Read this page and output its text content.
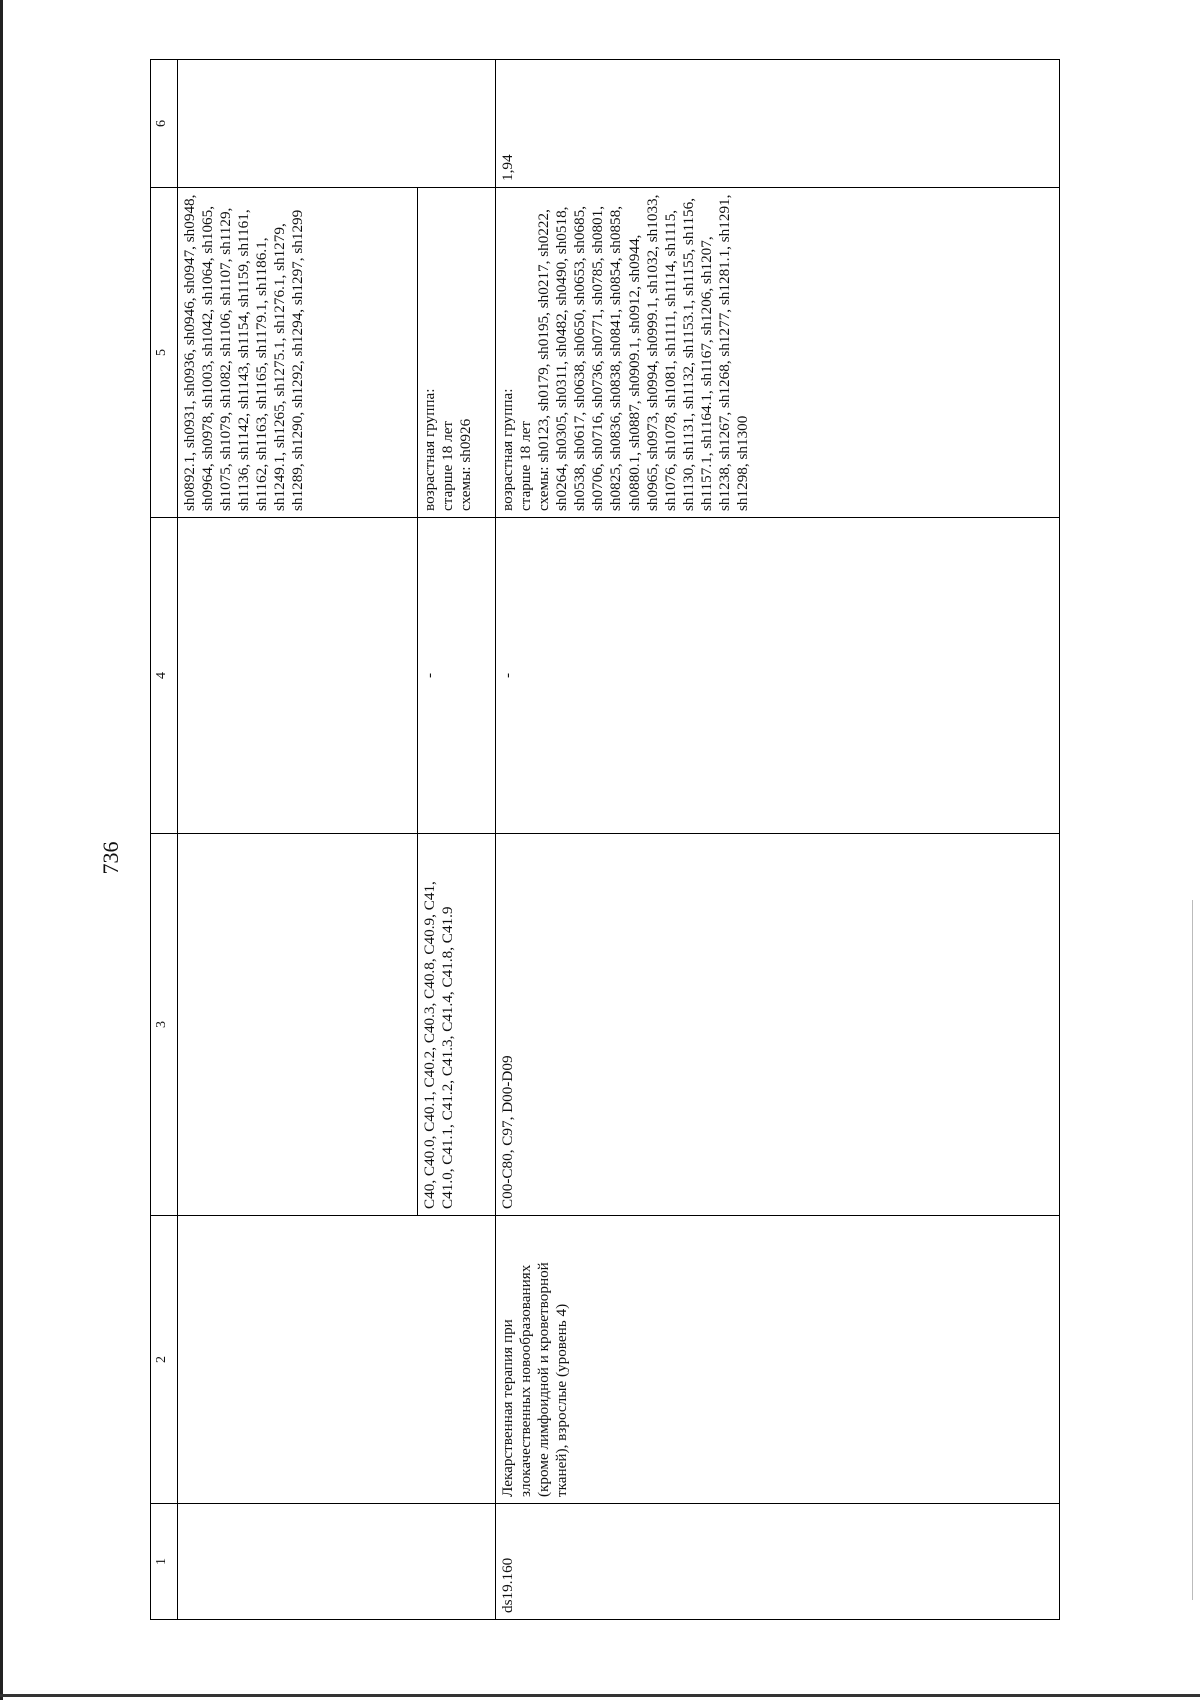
736
1	2	3	4	5	6
				sh0892.1, sh0931, sh0936, sh0946, sh0947, sh0948, sh0964, sh0978, sh1003, sh1042, sh1064, sh1065, sh1075, sh1079, sh1082, sh1106, sh1107, sh1129, sh1136, sh1142, sh1143, sh1154, sh1159, sh1161, sh1162, sh1163, sh1165, sh1179.1, sh1186.1, sh1249.1, sh1265, sh1275.1, sh1276.1, sh1279, sh1289, sh1290, sh1292, sh1294, sh1297, sh1299	
		C40, C40.0, C40.1, C40.2, C40.3, C40.8, C40.9, C41, C41.0, C41.1, C41.2, C41.3, C41.4, C41.8, C41.9	-	возрастная группа: старше 18 лет схемы: sh0926	

ds19.160	Лекарственная терапия при злокачественных новообразованиях (кроме лимфоидной и кроветворной тканей), взрослые (уровень 4)	C00-C80, C97, D00-D09	-	возрастная группа: старше 18 лет схемы: sh0123, sh0179, sh0195, sh0217, sh0222, sh0264, sh0305, sh0311, sh0482, sh0490, sh0518, sh0538, sh0617, sh0638, sh0650, sh0653, sh0685, sh0706, sh0716, sh0736, sh0771, sh0785, sh0801, sh0825, sh0836, sh0838, sh0841, sh0854, sh0858, sh0880.1, sh0887, sh0909.1, sh0912, sh0944, sh0965, sh0973, sh0994, sh0999.1, sh1032, sh1033, sh1076, sh1078, sh1081, sh1111, sh1114, sh1115, sh1130, sh1131, sh1132, sh1153.1, sh1155, sh1156, sh1157.1, sh1164.1, sh1167, sh1206, sh1207, sh1238, sh1267, sh1268, sh1277, sh1281.1, sh1291, sh1298, sh1300	1,94
